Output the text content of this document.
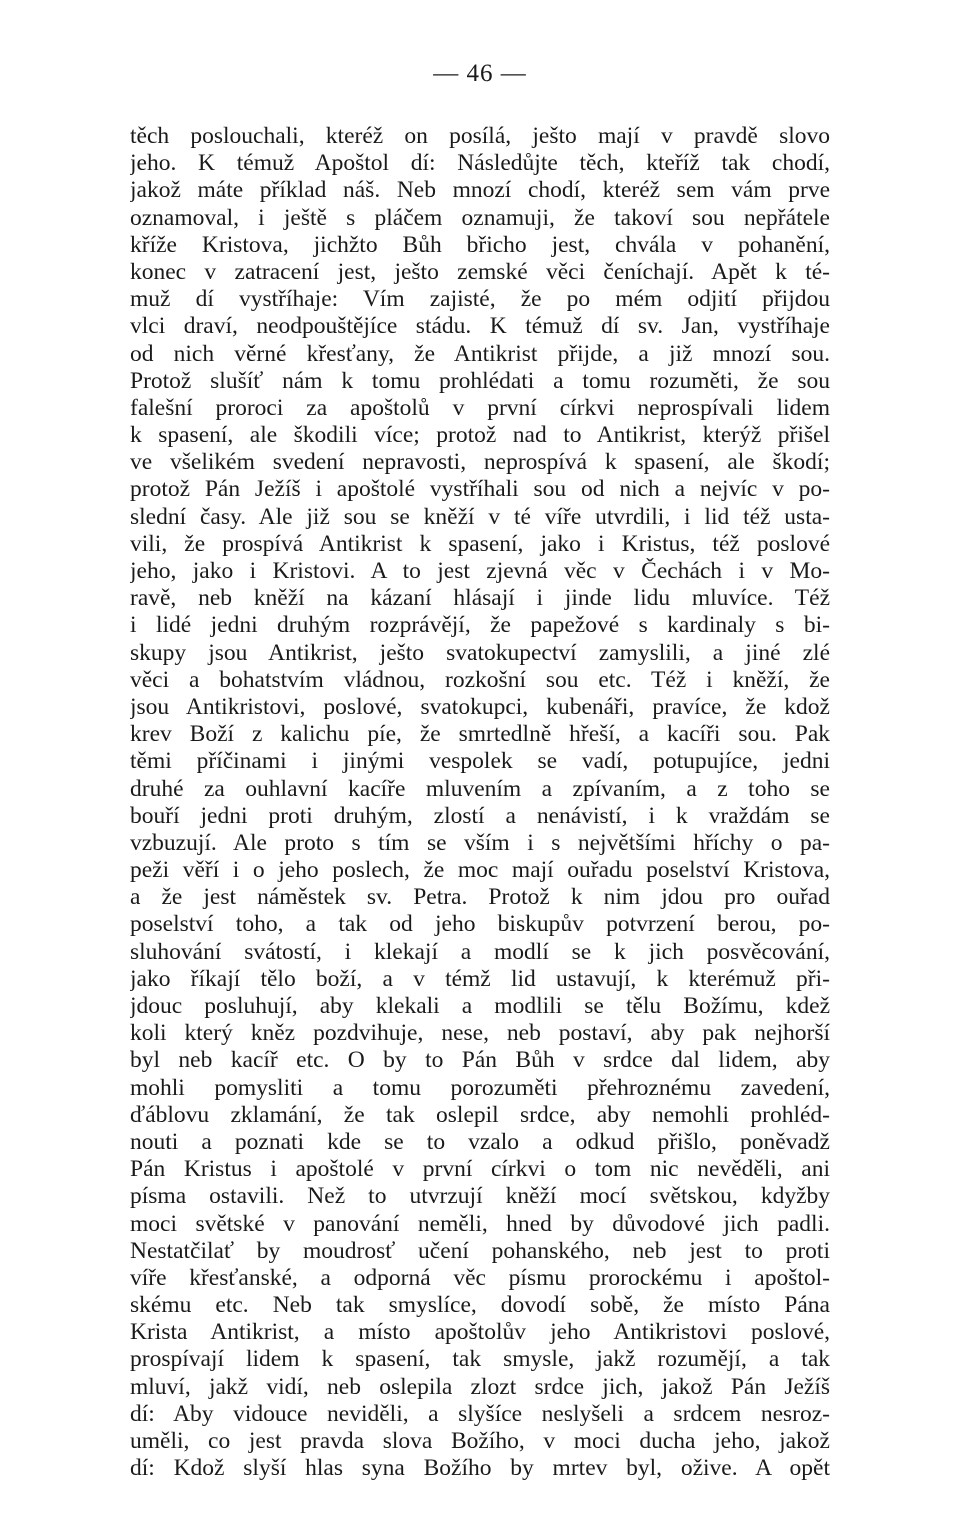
— 46 —
těch poslouchali, kteréž on posílá, ješto mají v pravdě slovo
jeho. K témuž Apoštol dí: Následůjte těch, kteříž tak chodí,
jakož máte příklad náš. Neb mnozí chodí, kteréž sem vám prve
oznamoval, i ještě s pláčem oznamuji, že takoví sou nepřátele
kříže Kristova, jichžto Bůh břicho jest, chvála v pohanění,
konec v zatracení jest, ješto zemské věci čeníchají. Apět k té-
muž dí vystříhaje: Vím zajisté, že po mém odjití přijdou
vlci draví, neodpouštějíce stádu. K témuž dí sv. Jan, vystříhaje
od nich věrné křesťany, že Antikrist přijde, a již mnozí sou.
Protož slušíť nám k tomu prohlédati a tomu rozuměti, že sou
falešní proroci za apoštolů v první církvi neprospívali lidem
k spasení, ale škodili více; protož nad to Antikrist, kterýž přišel
ve všelikém svedení nepravosti, neprospívá k spasení, ale škodí;
protož Pán Ježíš i apoštolé vystříhali sou od nich a nejvíc v po-
slední časy. Ale již sou se kněží v té víře utvrdili, i lid též usta-
vili, že prospívá Antikrist k spasení, jako i Kristus, též poslové
jeho, jako i Kristovi. A to jest zjevná věc v Čechách i v Mo-
ravě, neb kněží na kázaní hlásají i jinde lidu mluvíce. Též
i lidé jedni druhým rozprávějí, že papežové s kardinaly s bi-
skupy jsou Antikrist, ješto svatokupectví zamyslili, a jiné zlé
věci a bohatstvím vládnou, rozkošní sou etc. Též i kněží, že
jsou Antikristovi, poslové, svatokupci, kubenáři, pravíce, že kdož
krev Boží z kalichu píe, že smrtedlně hřeší, a kacíři sou. Pak
těmi příčinami i jinými vespolek se vadí, potupujíce, jedni
druhé za ouhlavní kacíře mluvením a zpívaním, a z toho se
bouří jedni proti druhým, zlostí a nenávistí, i k vraždám se
vzbuzují. Ale proto s tím se vším i s největšími hříchy o pa-
peži věří i o jeho poslech, že moc mají ouřadu poselství Kristova,
a že jest náměstek sv. Petra. Protož k nim jdou pro ouřad
poselství toho, a tak od jeho biskupův potvrzení berou, po-
sluhování svátostí, i klekají a modlí se k jich posvěcování,
jako říkají tělo boží, a v témž lid ustavují, k kterémuž při-
jdouc posluhují, aby klekali a modlili se tělu Božímu, kdež
koli který kněz pozdvihuje, nese, neb postaví, aby pak nejhorší
byl neb kacíř etc. O by to Pán Bůh v srdce dal lidem, aby
mohli pomysliti a tomu porozuměti přehroznému zavedení,
ďáblovu zklamání, že tak oslepil srdce, aby nemohli prohléd-
nouti a poznati kde se to vzalo a odkud přišlo, poněvadž
Pán Kristus i apoštolé v první církvi o tom nic nevěděli, ani
písma ostavili. Než to utvrzují kněží mocí světskou, kdyžby
moci světské v panování neměli, hned by důvodové jich padli.
Nestatčilať by moudrosť učení pohanského, neb jest to proti
víře křesťanské, a odporná věc písmu prorockému i apoštol-
skému etc. Neb tak smyslíce, dovodí sobě, že místo Pána
Krista Antikrist, a místo apoštolův jeho Antikristovi poslové,
prospívají lidem k spasení, tak smysle, jakž rozumějí, a tak
mluví, jakž vidí, neb oslepila zlozt srdce jich, jakož Pán Ježíš
dí: Aby vidouce neviděli, a slyšíce neslyšeli a srdcem nesroz-
uměli, co jest pravda slova Božího, v moci ducha jeho, jakož
dí: Kdož slyší hlas syna Božího by mrtev byl, ožive. A opět
